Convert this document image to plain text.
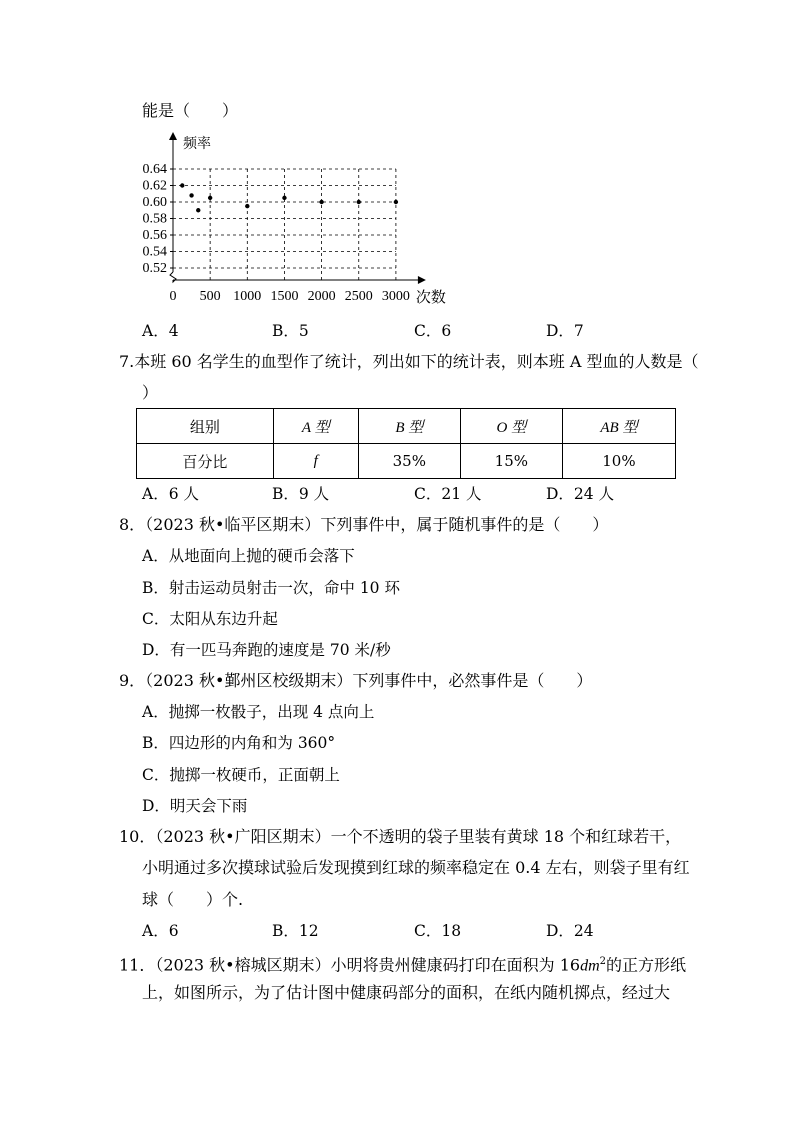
能是（　　）
0.52
0.54
0.56
0.58
0.60
0.62
0.64
0 500 1000 1500 2000 2500 3000
频率
次数
A．4	B．5	C．6	D．7
7.本班 60 名学生的血型作了统计，列出如下的统计表，则本班 A 型血的人数是（
）
组别	A 型	B 型	O 型	AB 型
百分比	f	35%	15%	10%
A．6 人	B．9 人	C．21 人	D．24 人
8．（2023 秋•临平区期末）下列事件中，属于随机事件的是（　　）
A．从地面向上抛的硬币会落下
B．射击运动员射击一次，命中 10 环
C．太阳从东边升起
D．有一匹马奔跑的速度是 70 米/秒
9．（2023 秋•鄞州区校级期末）下列事件中，必然事件是（　　）
A．抛掷一枚骰子，出现 4 点向上
B．四边形的内角和为 360°
C．抛掷一枚硬币，正面朝上
D．明天会下雨
10．（2023 秋•广阳区期末）一个不透明的袋子里装有黄球 18 个和红球若干，
小明通过多次摸球试验后发现摸到红球的频率稳定在 0.4 左右，则袋子里有红
球（　　）个.
A．6	B．12	C．18	D．24
11．（2023 秋•榕城区期末）小明将贵州健康码打印在面积为 $16dm^2$的正方形纸
上，如图所示，为了估计图中健康码部分的面积，在纸内随机掷点，经过大
